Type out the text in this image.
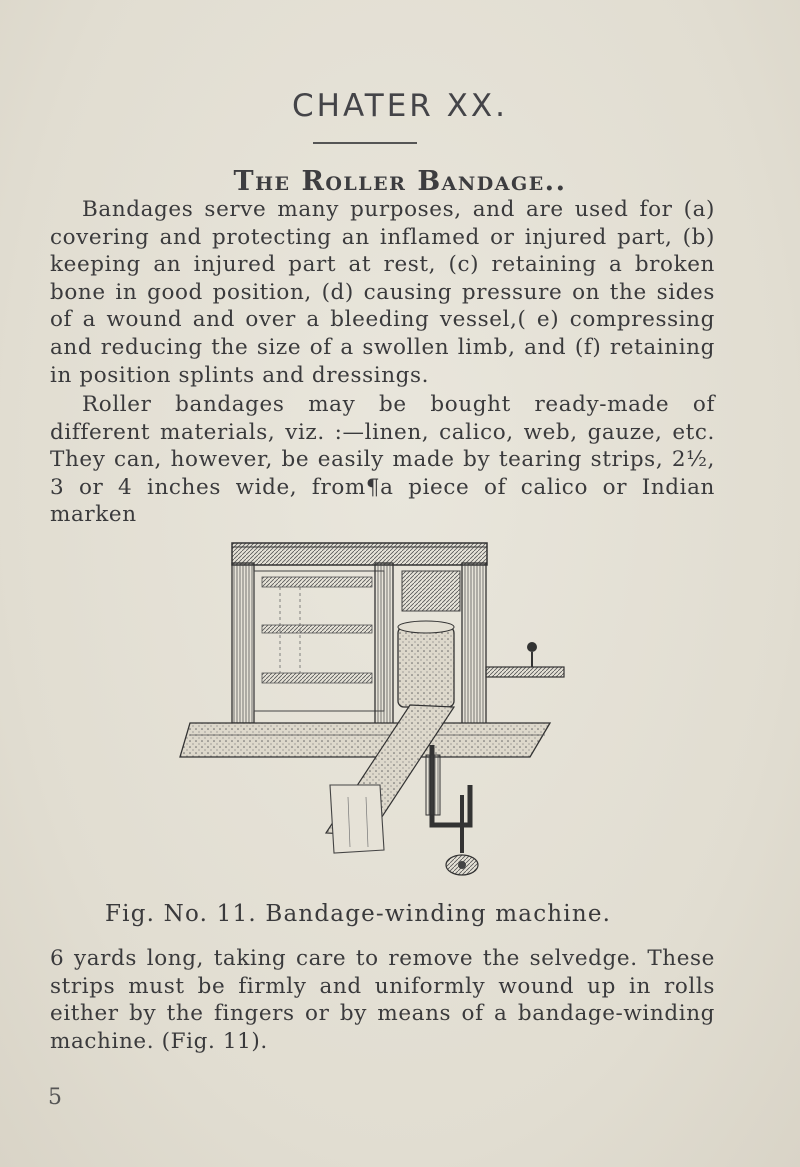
CHATER XX.
The Roller Bandage..

Bandages serve many purposes, and are used for (a) covering and protecting an inflamed or injured part, (b) keeping an injured part at rest, (c) retaining a broken bone in good position, (d) causing pressure on the sides of a wound and over a bleeding vessel,( e) compressing and reducing the size of a swollen limb, and (f) retaining in position splints and dressings.

Roller bandages may be bought ready-made of different materials, viz. :—linen, calico, web, gauze, etc. They can, however, be easily made by tearing strips, 2½, 3 or 4 inches wide, from¶a piece of calico or Indian marken

Fig. No. 11. Bandage-winding machine.

6 yards long, taking care to remove the selvedge. These strips must be firmly and uniformly wound up in rolls either by the fingers or by means of a bandage-winding machine. (Fig. 11).

5
